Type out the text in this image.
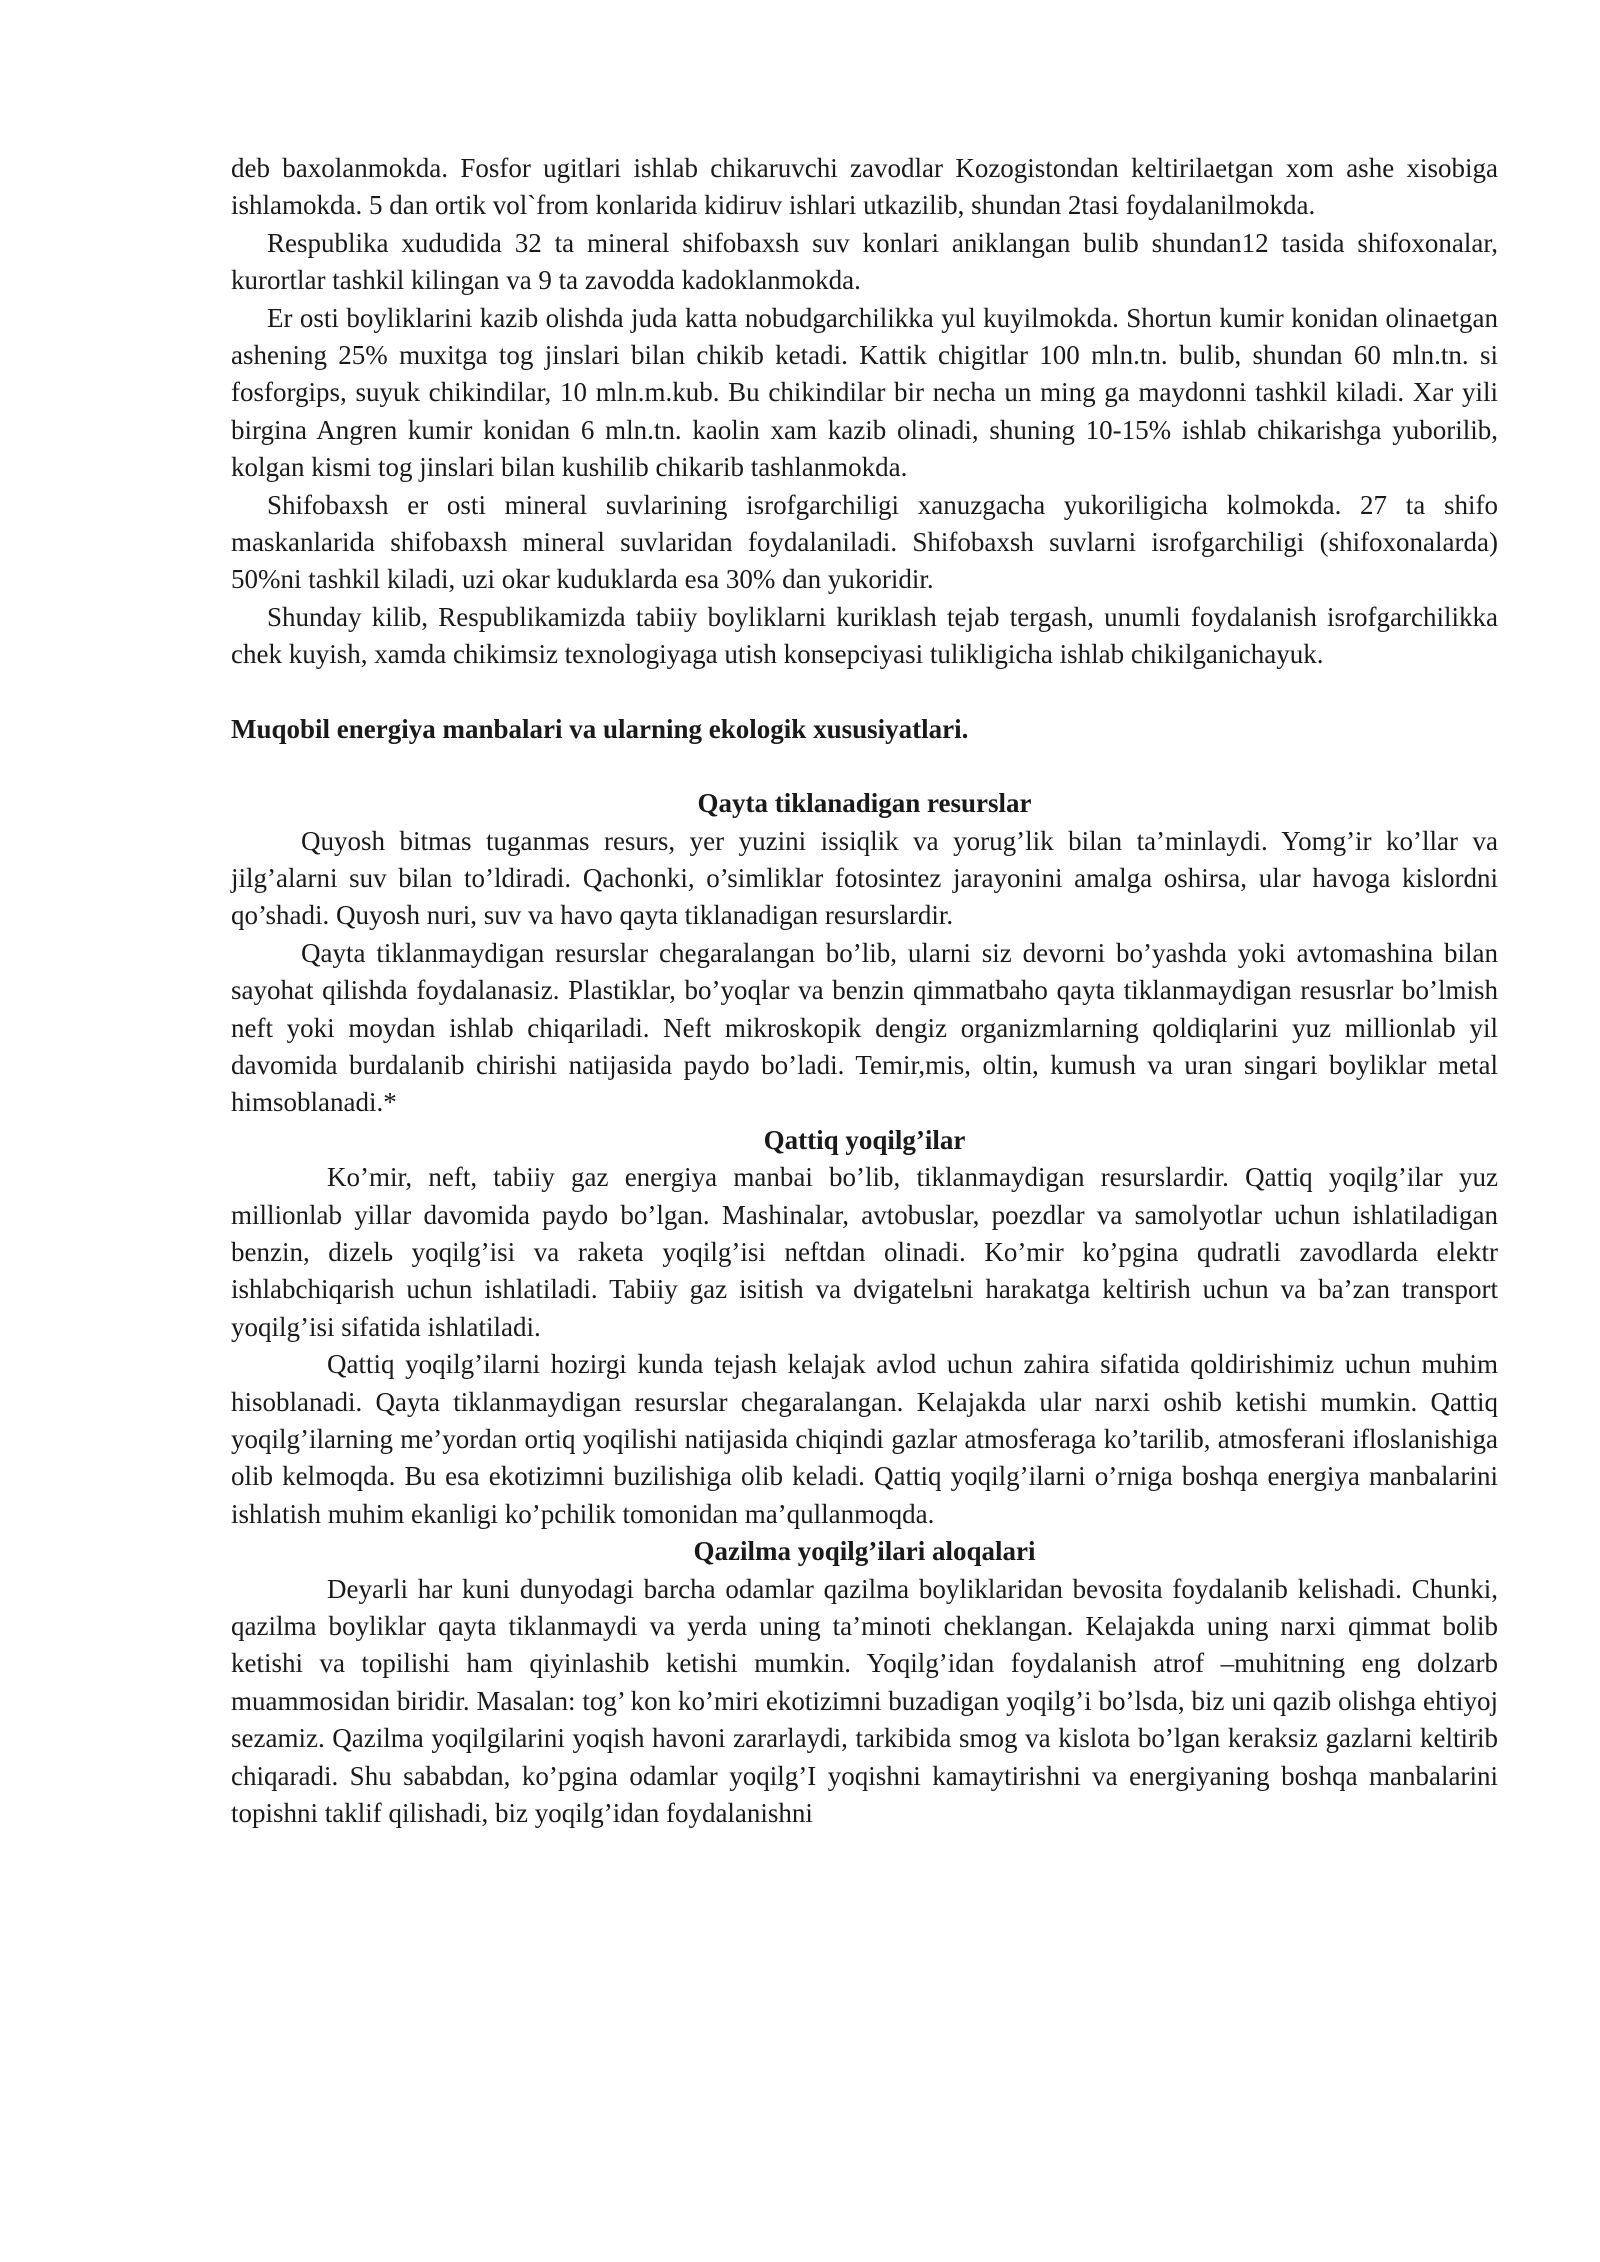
deb baxolanmokda. Fosfor ugitlari ishlab chikaruvchi zavodlar Kozogistondan keltirilaetgan xom ashe xisobiga ishlamokda. 5 dan ortik vol`from konlarida kidiruv ishlari utkazilib, shundan 2tasi foydalanilmokda.

Respublika xududida 32 ta mineral shifobaxsh suv konlari aniklangan bulib shundan12 tasida shifoxonalar, kurortlar tashkil kilingan va 9 ta zavodda kadoklanmokda.

Er osti boyliklarini kazib olishda juda katta nobudgarchilikka yul kuyilmokda. Shortun kumir konidan olinaetgan ashening 25% muxitga tog jinslari bilan chikib ketadi. Kattik chigitlar 100 mln.tn. bulib, shundan 60 mln.tn. si fosforgips, suyuk chikindilar, 10 mln.m.kub. Bu chikindilar bir necha un ming ga maydonni tashkil kiladi. Xar yili birgina Angren kumir konidan 6 mln.tn. kaolin xam kazib olinadi, shuning 10-15% ishlab chikarishga yuborilib, kolgan kismi tog jinslari bilan kushilib chikarib tashlanmokda.

Shifobaxsh er osti mineral suvlarining isrofgarchiligi xanuzgacha yukoriligicha kolmokda. 27 ta shifo maskanlarida shifobaxsh mineral suvlaridan foydalaniladi. Shifobaxsh suvlarni isrofgarchiligi (shifoxonalarda) 50%ni tashkil kiladi, uzi okar kuduklarda esa 30% dan yukoridir.

Shunday kilib, Respublikamizda tabiiy boyliklarni kuriklash tejab tergash, unumli foydalanish isrofgarchilikka chek kuyish, xamda chikimsiz texnologiyaga utish konsepciyasi tulikligicha ishlab chikilganichayuk.

Muqobil energiya manbalari va ularning ekologik xususiyatlari.

Qayta tiklanadigan resurslar

Quyosh bitmas tuganmas resurs, yer yuzini issiqlik va yorug’lik bilan ta’minlaydi. Yomg’ir ko’llar va jilg’alarni suv bilan to’ldiradi. Qachonki, o’simliklar fotosintez jarayonini amalga oshirsa, ular havoga kislordni qo’shadi. Quyosh nuri, suv va havo qayta tiklanadigan resurslardir.

Qayta tiklanmaydigan resurslar chegaralangan bo’lib, ularni siz devorni bo’yashda yoki avtomashina bilan sayohat qilishda foydalanasiz. Plastiklar, bo’yoqlar va benzin qimmatbaho qayta tiklanmaydigan resusrlar bo’lmish neft yoki moydan ishlab chiqariladi. Neft mikroskopik dengiz organizmlarning qoldiqlarini yuz millionlab yil davomida burdalanib chirishi natijasida paydo bo’ladi. Temir,mis, oltin, kumush va uran singari boyliklar metal himsoblanadi.*

Qattiq yoqilg’ilar

Ko’mir, neft, tabiiy gaz energiya manbai bo’lib, tiklanmaydigan resurslardir. Qattiq yoqilg’ilar yuz millionlab yillar davomida paydo bo’lgan. Mashinalar, avtobuslar, poezdlar va samolyotlar uchun ishlatiladigan benzin, dizelь yoqilg’isi va raketa yoqilg’isi neftdan olinadi. Ko’mir ko’pgina qudratli zavodlarda elektr ishlabchiqarish uchun ishlatiladi. Tabiiy gaz isitish va dvigatelьni harakatga keltirish uchun va ba’zan transport yoqilg’isi sifatida ishlatiladi.

Qattiq yoqilg’ilarni hozirgi kunda tejash kelajak avlod uchun zahira sifatida qoldirishimiz uchun muhim hisoblanadi. Qayta tiklanmaydigan resurslar chegaralangan. Kelajakda ular narxi oshib ketishi mumkin. Qattiq yoqilg’ilarning me’yordan ortiq yoqilishi natijasida chiqindi gazlar atmosferaga ko’tarilib, atmosferani ifloslanishiga olib kelmoqda. Bu esa ekotizimni buzilishiga olib keladi. Qattiq yoqilg’ilarni o’rniga boshqa energiya manbalarini ishlatish muhim ekanligi ko’pchilik tomonidan ma’qullanmoqda.

Qazilma yoqilg’ilari aloqalari

Deyarli har kuni dunyodagi barcha odamlar qazilma boyliklaridan bevosita foydalanib kelishadi. Chunki, qazilma boyliklar qayta tiklanmaydi va yerda uning ta’minoti cheklangan. Kelajakda uning narxi qimmat bolib ketishi va topilishi ham qiyinlashib ketishi mumkin. Yoqilg’idan foydalanish atrof –muhitning eng dolzarb muammosidan biridir. Masalan: tog’ kon ko’miri ekotizimni buzadigan yoqilg’i bo’lsda, biz uni qazib olishga ehtiyoj sezamiz. Qazilma yoqilgilarini yoqish havoni zararlaydi, tarkibida smog va kislota bo’lgan keraksiz gazlarni keltirib chiqaradi. Shu sababdan, ko’pgina odamlar yoqilg’I yoqishni kamaytirishni va energiyaning boshqa manbalarini topishni taklif qilishadi, biz yoqilg’idan foydalanishni
